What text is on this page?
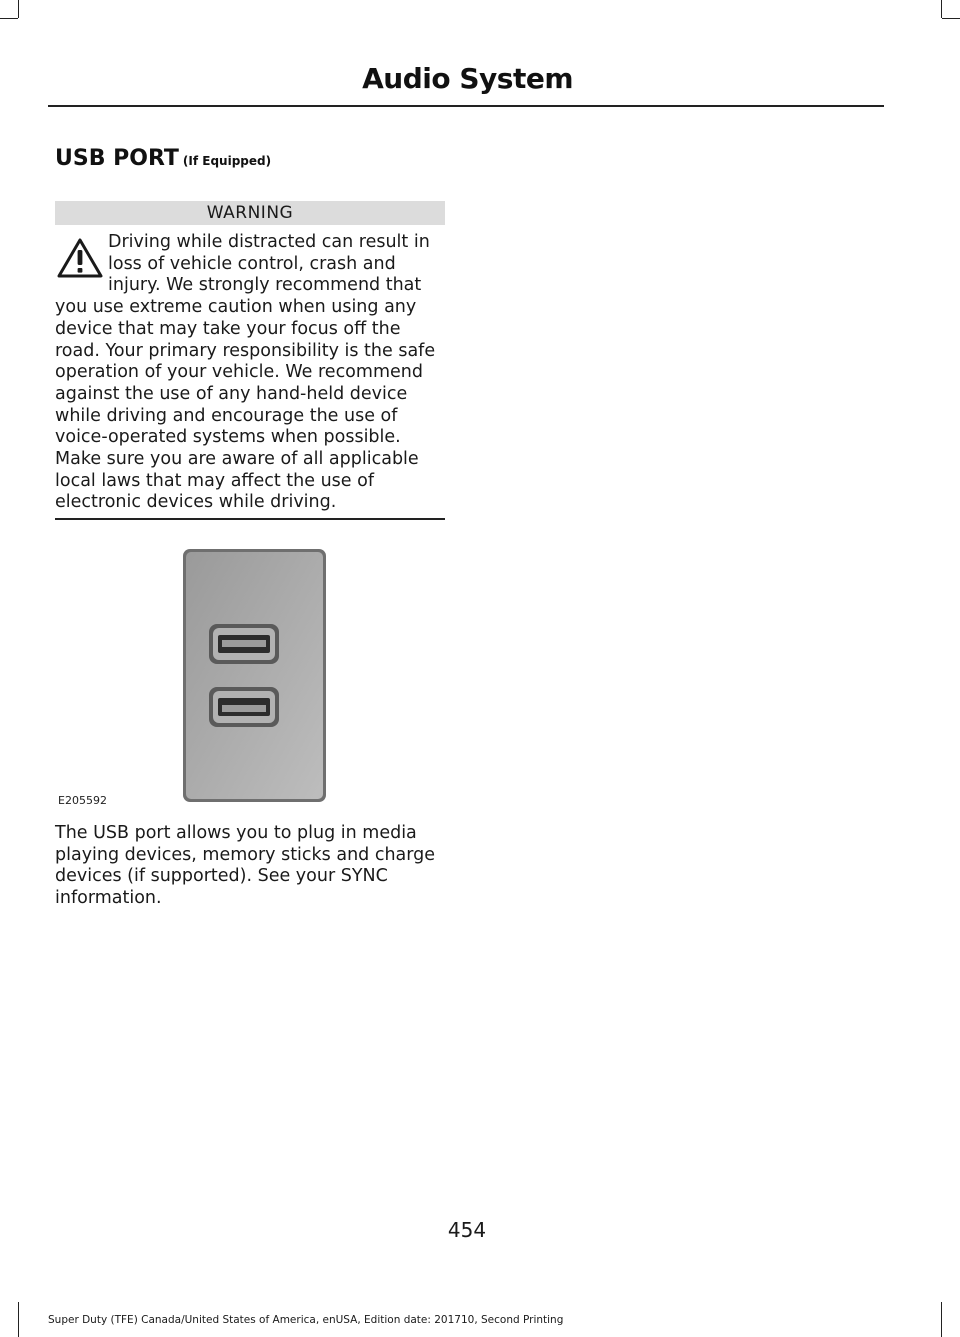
Audio System
USB PORT (If Equipped)
WARNING
Driving while distracted can result in loss of vehicle control, crash and injury. We strongly recommend that you use extreme caution when using any device that may take your focus off the road. Your primary responsibility is the safe operation of your vehicle. We recommend against the use of any hand-held device while driving and encourage the use of voice-operated systems when possible. Make sure you are aware of all applicable local laws that may affect the use of electronic devices while driving.
E205592
The USB port allows you to plug in media playing devices, memory sticks and charge devices (if supported). See your SYNC information.
454
Super Duty (TFE) Canada/United States of America, enUSA, Edition date: 201710, Second Printing
